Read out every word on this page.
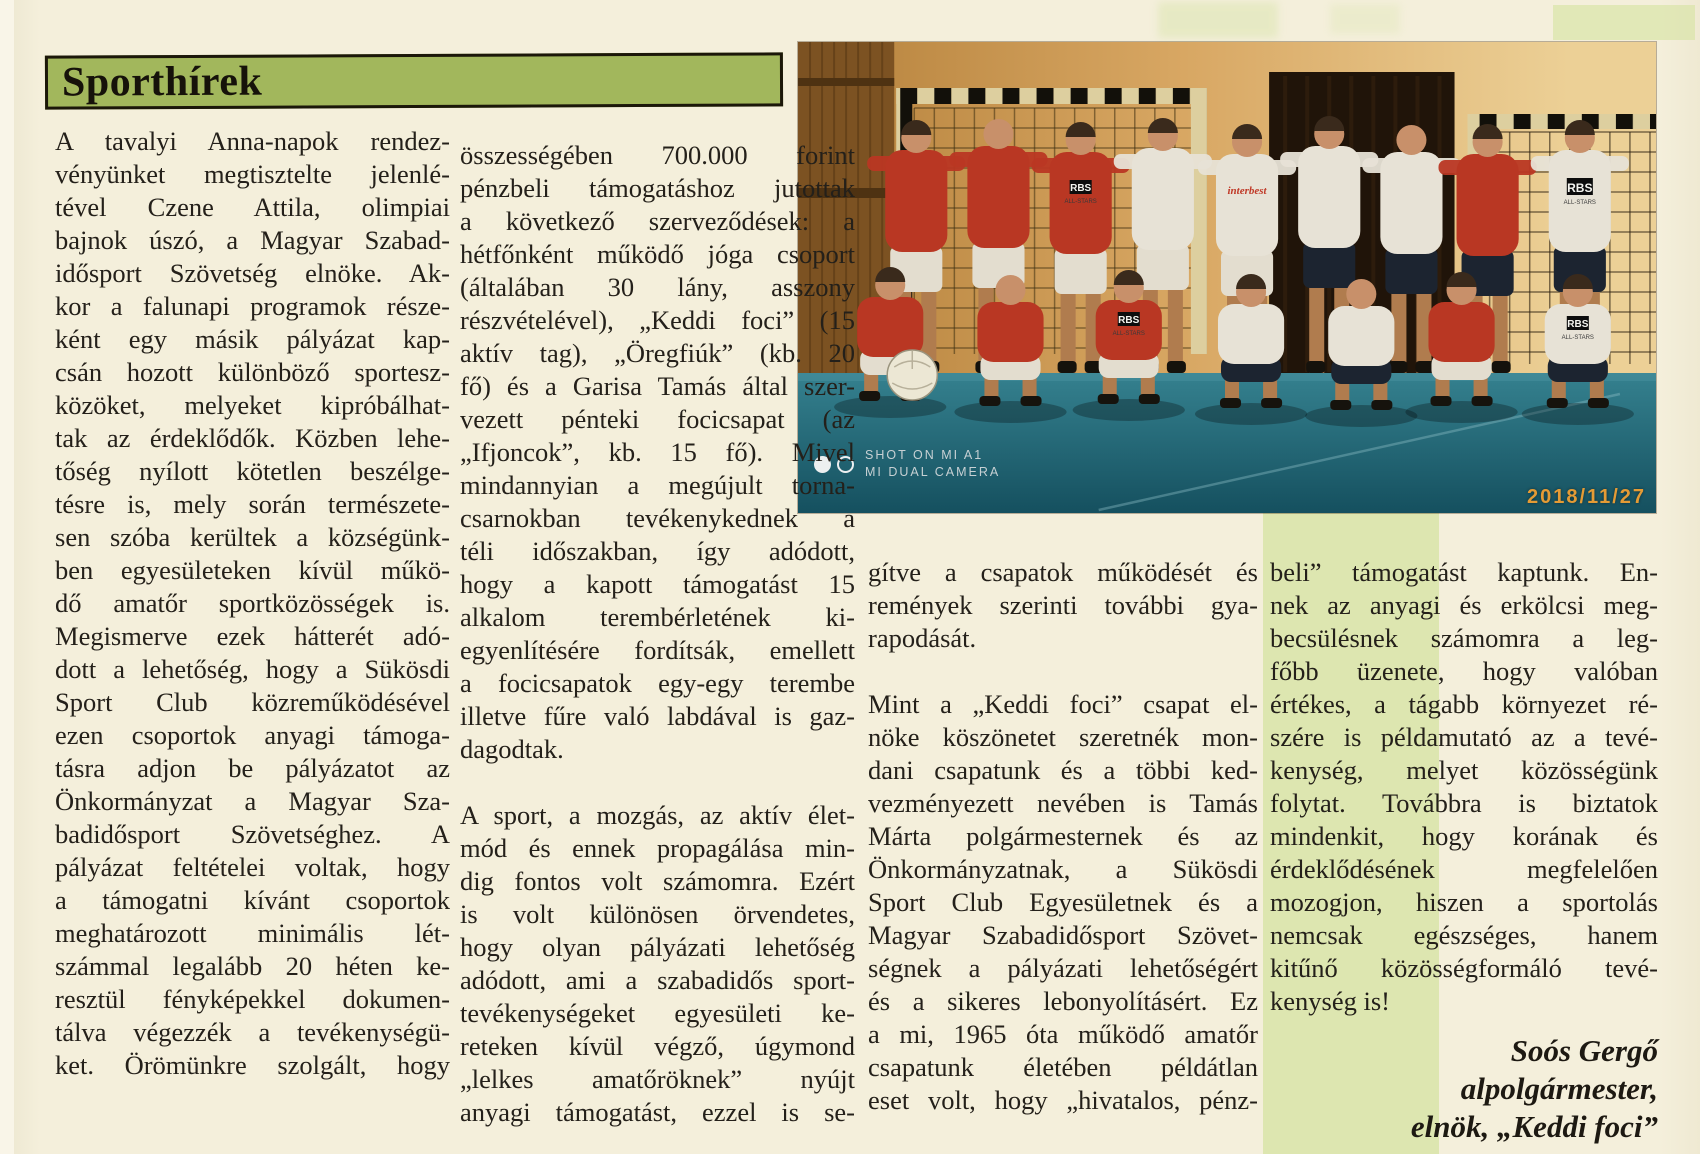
Sporthírek
RBS
ALL-STARS
interbest	RBS
ALL-STARS
RBS
ALL-STARS
RBS
ALL-STARS
SHOT ON MI A1
MI DUAL CAMERA
2018/11/27
A tavalyi Anna-napok rendez-
vényünket megtisztelte jelenlé-
tével Czene Attila, olimpiai
bajnok úszó, a Magyar Szabad-
idősport Szövetség elnöke. Ak-
kor a falunapi programok része-
ként egy másik pályázat kap-
csán hozott különböző sportesz-
közöket, melyeket kipróbálhat-
tak az érdeklődők. Közben lehe-
tőség nyílott kötetlen beszélge-
tésre is, mely során természete-
sen szóba kerültek a községünk-
ben egyesületeken kívül műkö-
dő amatőr sportközösségek is.
Megismerve ezek hátterét adó-
dott a lehetőség, hogy a Sükösdi
Sport Club közreműködésével
ezen csoportok anyagi támoga-
tásra adjon be pályázatot az
Önkormányzat a Magyar Sza-
badidősport Szövetséghez. A
pályázat feltételei voltak, hogy
a támogatni kívánt csoportok
meghatározott minimális lét-
számmal legalább 20 héten ke-
resztül fényképekkel dokumen-
tálva végezzék a tevékenységü-
ket. Örömünkre szolgált, hogy
összességében 700.000 forint
pénzbeli támogatáshoz jutottak
a következő szerveződések: a
hétfőnként működő jóga csoport
(általában 30 lány, asszony
részvételével), „Keddi foci” (15
aktív tag), „Öregfiúk” (kb. 20
fő) és a Garisa Tamás által szer-
vezett pénteki focicsapat (az
„Ifjoncok”, kb. 15 fő). Mivel
mindannyian a megújult torna-
csarnokban tevékenykednek a
téli időszakban, így adódott,
hogy a kapott támogatást 15
alkalom terembérletének ki-
egyenlítésére fordítsák, emellett
a focicsapatok egy-egy terembe
illetve fűre való labdával is gaz-
dagodtak.
A sport, a mozgás, az aktív élet-
mód és ennek propagálása min-
dig fontos volt számomra. Ezért
is volt különösen örvendetes,
hogy olyan pályázati lehetőség
adódott, ami a szabadidős sport-
tevékenységeket egyesületi ke-
reteken kívül végző, úgymond
„lelkes amatőröknek” nyújt
anyagi támogatást, ezzel is se-
gítve a csapatok működését és
remények szerinti további gya-
rapodását.
Mint a „Keddi foci” csapat el-
nöke köszönetet szeretnék mon-
dani csapatunk és a többi ked-
vezményezett nevében is Tamás
Márta polgármesternek és az
Önkormányzatnak, a Sükösdi
Sport Club Egyesületnek és a
Magyar Szabadidősport Szövet-
ségnek a pályázati lehetőségért
és a sikeres lebonyolításért. Ez
a mi, 1965 óta működő amatőr
csapatunk életében példátlan
eset volt, hogy „hivatalos, pénz-
beli” támogatást kaptunk. En-
nek az anyagi és erkölcsi meg-
becsülésnek számomra a leg-
főbb üzenete, hogy valóban
értékes, a tágabb környezet ré-
szére is példamutató az a tevé-
kenység, melyet közösségünk
folytat. Továbbra is biztatok
mindenkit, hogy korának és
érdeklődésének megfelelően
mozogjon, hiszen a sportolás
nemcsak egészséges, hanem
kitűnő közösségformáló tevé-
kenység is!
Soós Gergő
alpolgármester,
elnök, „Keddi foci”
